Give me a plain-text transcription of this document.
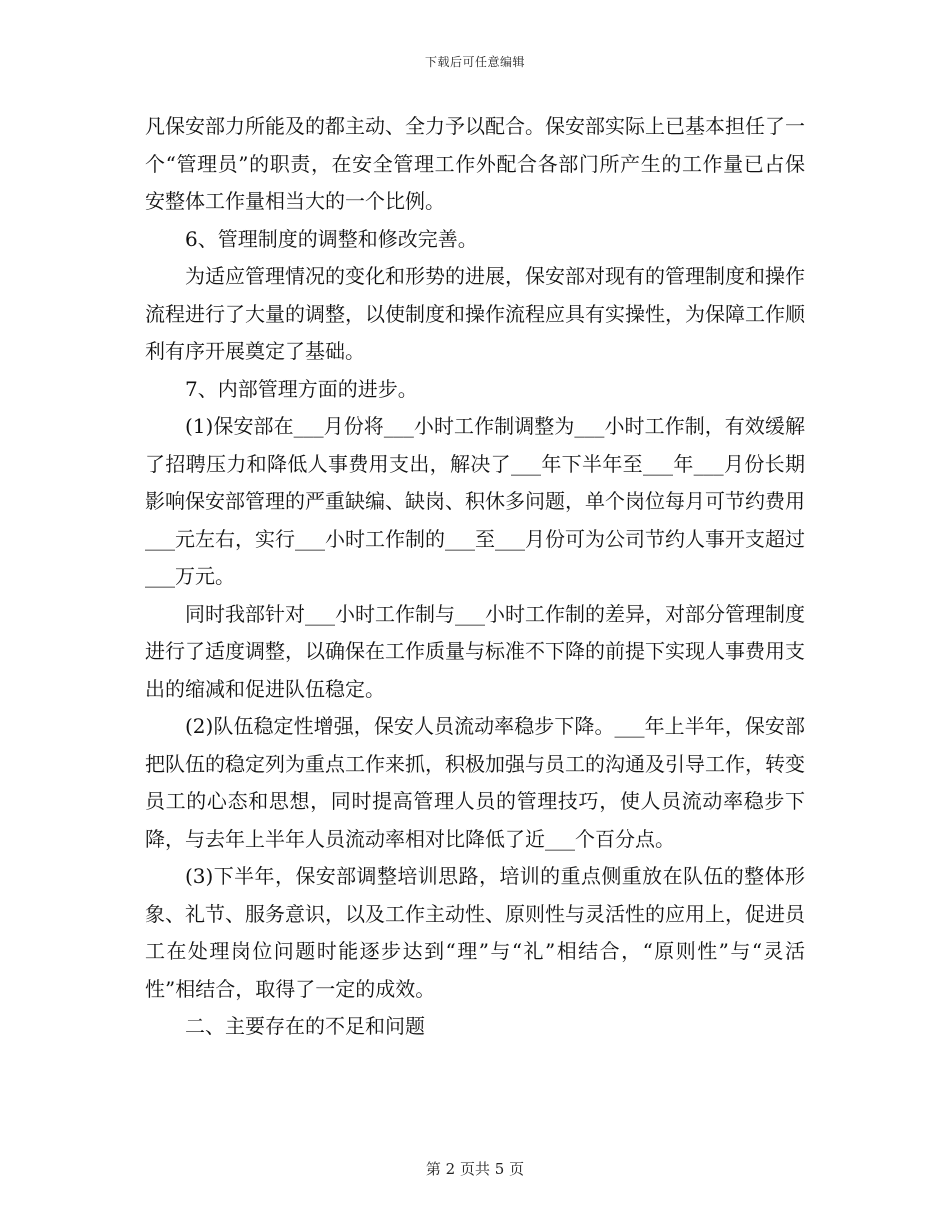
下载后可任意编辑

凡保安部力所能及的都主动、全力予以配合。保安部实际上已基本担任了一个“管理员”的职责，在安全管理工作外配合各部门所产生的工作量已占保安整体工作量相当大的一个比例。

6、管理制度的调整和修改完善。

为适应管理情况的变化和形势的进展，保安部对现有的管理制度和操作流程进行了大量的调整，以使制度和操作流程应具有实操性，为保障工作顺利有序开展奠定了基础。

7、内部管理方面的进步。

(1)保安部在___月份将___小时工作制调整为___小时工作制，有效缓解了招聘压力和降低人事费用支出，解决了___年下半年至___年___月份长期影响保安部管理的严重缺编、缺岗、积休多问题，单个岗位每月可节约费用___元左右，实行___小时工作制的___至___月份可为公司节约人事开支超过___万元。

同时我部针对___小时工作制与___小时工作制的差异，对部分管理制度进行了适度调整，以确保在工作质量与标准不下降的前提下实现人事费用支出的缩减和促进队伍稳定。

(2)队伍稳定性增强，保安人员流动率稳步下降。___年上半年，保安部把队伍的稳定列为重点工作来抓，积极加强与员工的沟通及引导工作，转变员工的心态和思想，同时提高管理人员的管理技巧，使人员流动率稳步下降，与去年上半年人员流动率相对比降低了近___个百分点。

(3)下半年，保安部调整培训思路，培训的重点侧重放在队伍的整体形象、礼节、服务意识，以及工作主动性、原则性与灵活性的应用上，促进员工在处理岗位问题时能逐步达到“理”与“礼”相结合，“原则性”与“灵活性”相结合，取得了一定的成效。

二、主要存在的不足和问题

第 2 页共 5 页
